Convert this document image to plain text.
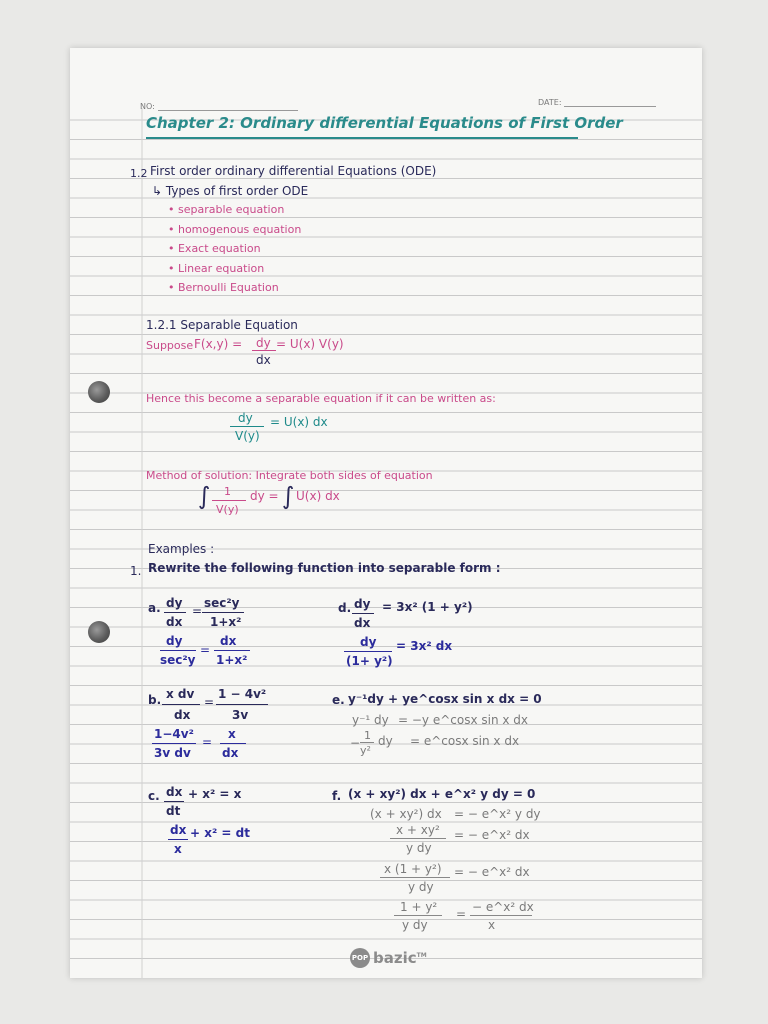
NO:	DATE:
Chapter 2: Ordinary differential Equations of First Order
1.2 First order ordinary differential Equations (ODE)
↳ Types of first order ODE
• separable equation
• homogenous equation
• Exact equation
• Linear equation
• Bernoulli Equation
1.2.1 Separable Equation
Suppose F(x,y) = dy
dx
= U(x) V(y)
Hence this become a separable equation if it can be written as:
dy
V(y)
= U(x) dx
Method of solution: Integrate both sides of equation
∫ 1
V(y)
dy = ∫ U(x) dx
Examples :
1. Rewrite the following function into separable form :
a. dy
dx
=
sec²y
1+x²
dy
sec²y
=
dx
1+x²
d. dy
dx
= 3x² (1 + y²)
dy
(1+ y²)
= 3x² dx
b. x dv
dx
=
1 − 4v²
3v
1−4v²
3v dv
=
x
dx
e. y⁻¹dy + ye^cosx sin x dx = 0
y⁻¹ dy = −y e^cosx sin x dx
−
1
y²
dy = e^cosx sin x dx
c. dx
dt
+ x² = x
dx
x
+ x² = dt
f. (x + xy²) dx + e^x² y dy = 0
(x + xy²) dx = − e^x² y dy
x + xy²
y dy
= − e^x² dx
x (1 + y²)
y dy
= − e^x² dx
1 + y²
y dy
= − e^x² dx
x
POP bazic™
